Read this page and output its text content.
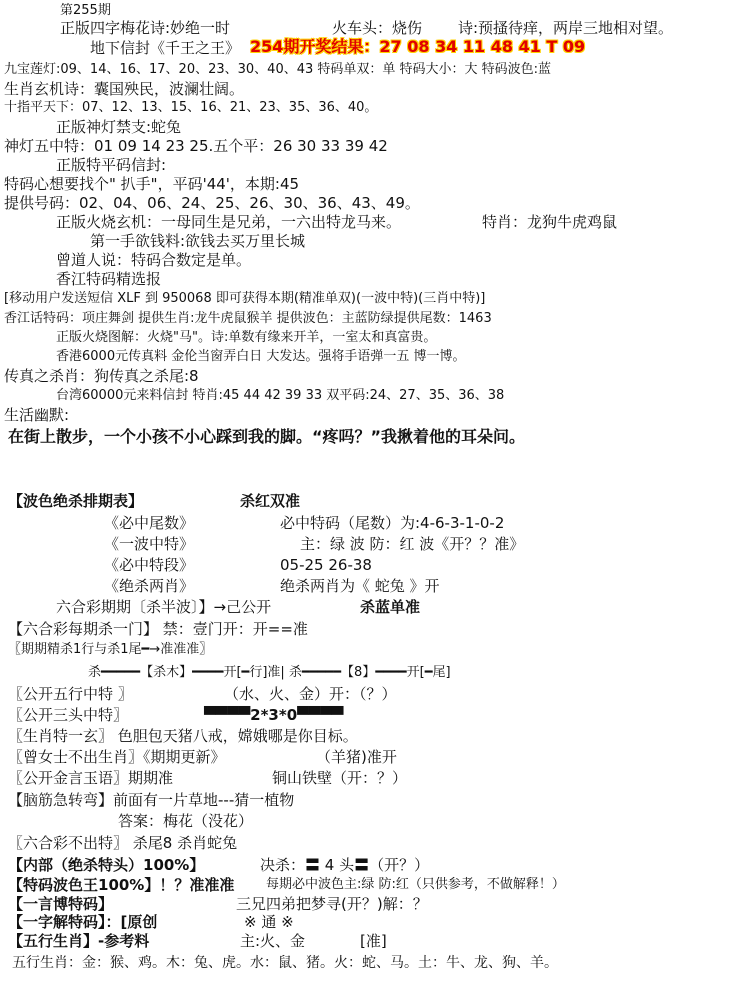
第255期
正版四字梅花诗:妙绝一时	火车头：烧伤 诗:预搔待痒，两岸三地相对望。
地下信封《千王之王》 254期开奖结果：27 08 34 11 48 41 T 09
九宝莲灯:09、14、16、17、20、23、30、40、43 特码单双：单 特码大小：大 特码波色:蓝
生肖玄机诗：囊国殃民，波澜壮阔。
十指平天下：07、12、13、15、16、21、23、35、36、40。
正版神灯禁支:蛇兔
神灯五中特：01 09 14 23 25.五个平：26 30 33 39 42
正版特平码信封:
特码心想要找个" 扒手"，平码'44'，本期:45
提供号码：02、04、06、24、25、26、30、36、43、49。
正版火烧玄机：一母同生是兄弟，一六出特龙马来。	特肖：龙狗牛虎鸡鼠
第一手欲钱料:欲钱去买万里长城
曾道人说：特码合数定是单。
香江特码精选报
[移动用户发送短信 XLF 到 950068 即可获得本期(精准单双)(一波中特)(三肖中特)]
香江话特码：项庄舞剑 提供生肖:龙牛虎鼠猴羊 提供波色：主蓝防绿提供尾数：1463
正版火烧图解：火烧"马"。诗:单数有缘来开羊，一室太和真富贵。
香港6000元传真料 金伦当窗弄白日 大发达。强将手语弹一五 博一博。
传真之杀肖：狗传真之杀尾:8
台湾60000元来料信封 特肖:45 44 42 39 33 双平码:24、27、35、36、38
生活幽默:
在街上散步，一个小孩不小心踩到我的脚。“疼吗？”我揪着他的耳朵问。
【波色绝杀排期表】	杀红双准
《必中尾数》	必中特码（尾数）为:4-6-3-1-0-2
《一波中特》	主：绿 波 防：红 波《开？？准》
《必中特段》	05-25 26-38
《绝杀两肖》	绝杀两肖为《 蛇兔 》开
六合彩期期〔杀半波〕】→己公开	杀蓝单准
【六合彩每期杀一门】 禁：壹门开：开==准
〖期期精杀1行与杀1尾━→准准准〗
杀━━━━━【杀木】━━━━开[━行]准| 杀━━━━━【8】━━━━开[━尾]
〖公开五行中特 〗	（水、火、金）开：（？）
〖公开三头中特〗	▀▀▀▀2*3*0▀▀▀▀
〖生肖特一玄〗 色胆包天猪八戒，嫦娥哪是你目标。
〖曾女士不出生肖〗《期期更新》	（羊猪)准开
〖公开金言玉语〗期期准	铜山铁壁（开：？）
【脑筋急转弯】前面有一片草地---猜一植物
答案：梅花（没花）
〖六合彩不出特〗 杀尾8 杀肖蛇兔
【内部（绝杀特头）100%】	决杀：〓 4 头〓（开？）
【特码波色王100%】！？准准准 每期必中波色主:绿 防:红（只供参考，不做解释！）
【一言博特码】	三兄四弟把梦寻(开？)解：？
【一字解特码】：[原创	※ 通 ※
【五行生肖】-参考料	主:火、金	[准]
五行生肖：金：猴、鸡。木：兔、虎。水：鼠、猪。火：蛇、马。土：牛、龙、狗、羊。
